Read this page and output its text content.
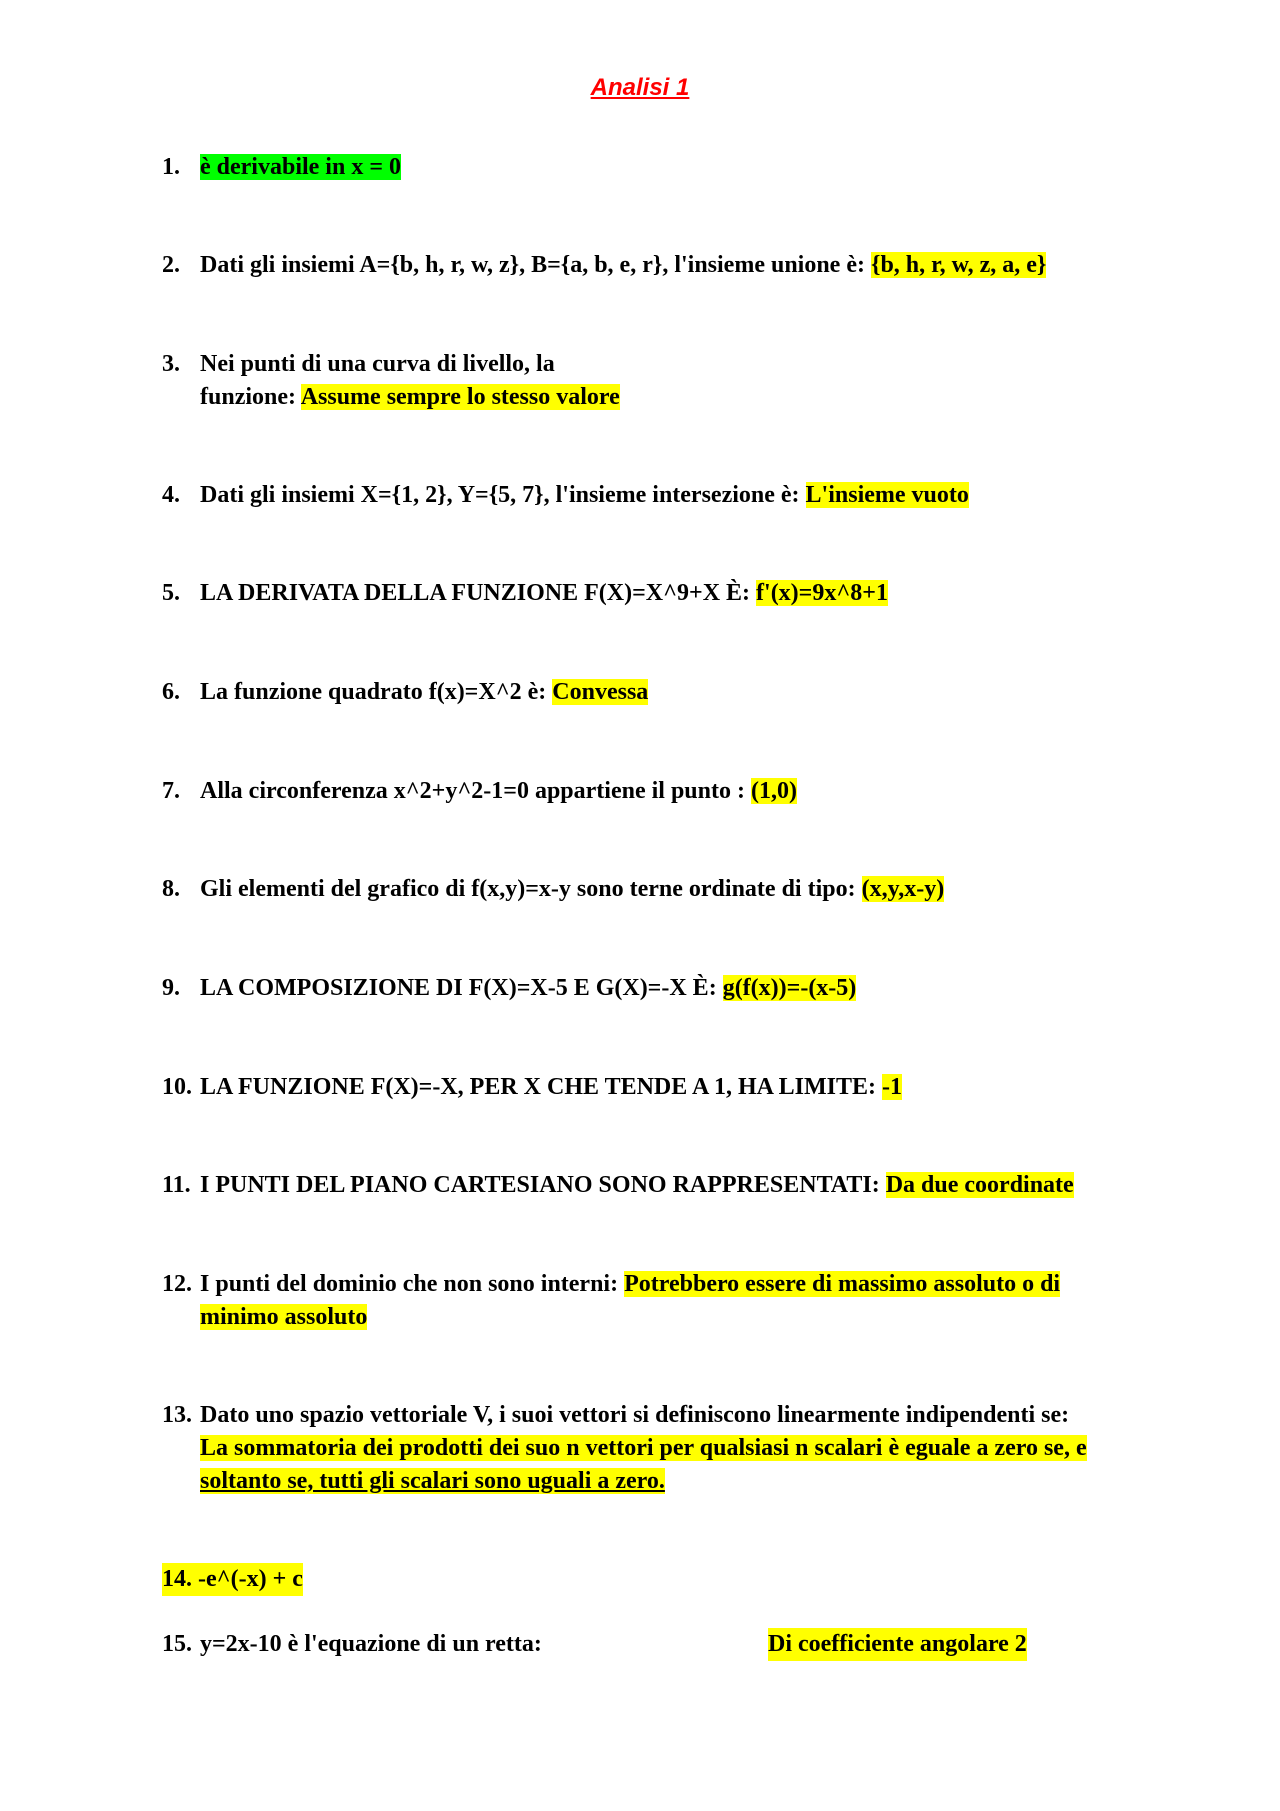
Analisi 1
1. è derivabile in x = 0
2. Dati gli insiemi A={b, h, r, w, z}, B={a, b, e, r}, l'insieme unione è: {b, h, r, w, z, a, e}
3. Nei punti di una curva di livello, la
funzione: Assume sempre lo stesso valore
4. Dati gli insiemi X={1, 2}, Y={5, 7}, l'insieme intersezione è: L'insieme vuoto
5. LA DERIVATA DELLA FUNZIONE F(X)=X^9+X È: f'(x)=9x^8+1
6. La funzione quadrato f(x)=X^2 è: Convessa
7. Alla circonferenza x^2+y^2-1=0 appartiene il punto : (1,0)
8. Gli elementi del grafico di f(x,y)=x-y sono terne ordinate di tipo: (x,y,x-y)
9. LA COMPOSIZIONE DI F(X)=X-5 E G(X)=-X È: g(f(x))=-(x-5)
10. LA FUNZIONE F(X)=-X, PER X CHE TENDE A 1, HA LIMITE: -1
11. I PUNTI DEL PIANO CARTESIANO SONO RAPPRESENTATI: Da due coordinate
12. I punti del dominio che non sono interni: Potrebbero essere di massimo assoluto o di
minimo assoluto
13. Dato uno spazio vettoriale V, i suoi vettori si definiscono linearmente indipendenti se:
La sommatoria dei prodotti dei suo n vettori per qualsiasi n scalari è eguale a zero se, e
soltanto se, tutti gli scalari sono uguali a zero.
14. -e^(-x) + c
15. y=2x-10 è l'equazione di un retta:	Di coefficiente angolare 2
